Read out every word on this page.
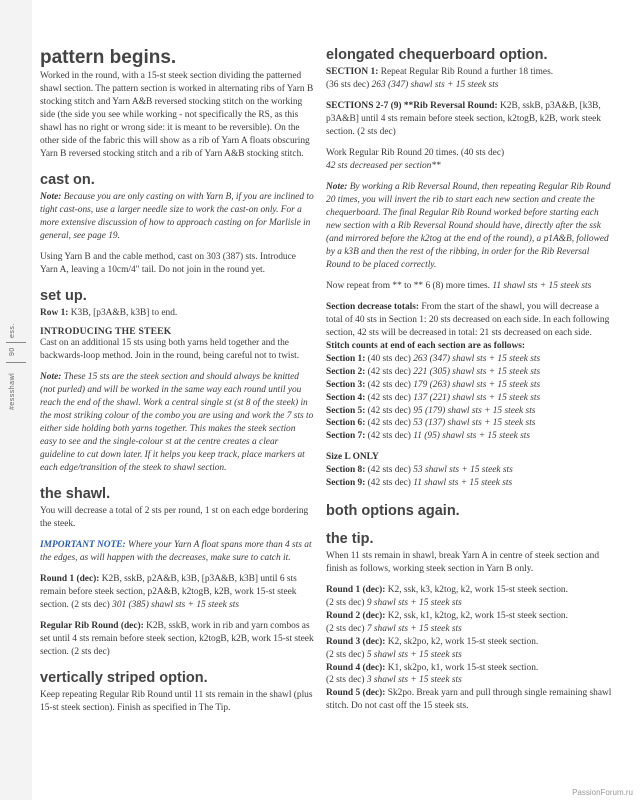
ess.
90
#essshawl
pattern begins.

Worked in the round, with a 15-st steek section dividing the patterned shawl section. The pattern section is worked in alternating ribs of Yarn B stocking stitch and Yarn A&B reversed stocking stitch on the working side (the side you see while working - not specifically the RS, as this shawl has no right or wrong side: it is meant to be reversible). On the other side of the fabric this will show as a rib of Yarn A floats obscuring Yarn B reversed stocking stitch and a rib of Yarn A&B stocking stitch.

cast on.

Note: Because you are only casting on with Yarn B, if you are inclined to tight cast-ons, use a larger needle size to work the cast-on only. For a more extensive discussion of how to approach casting on for Marlisle in general, see page 19.

Using Yarn B and the cable method, cast on 303 (387) sts. Introduce Yarn A, leaving a 10cm/4" tail. Do not join in the round yet.

set up.

Row 1: K3B, [p3A&B, k3B] to end.

INTRODUCING THE STEEK

Cast on an additional 15 sts using both yarns held together and the backwards-loop method. Join in the round, being careful not to twist.

Note: These 15 sts are the steek section and should always be knitted (not purled) and will be worked in the same way each round until you reach the end of the shawl. Work a central single st (st 8 of the steek) in the most striking colour of the combo you are using and work the 7 sts to either side holding both yarns together. This makes the steek section easy to see and the single-colour st at the centre creates a clear guideline to cut down later. If it helps you keep track, place markers at each edge/transition of the steek to shawl section.

the shawl.

You will decrease a total of 2 sts per round, 1 st on each edge bordering the steek.

IMPORTANT NOTE: Where your Yarn A float spans more than 4 sts at the edges, as will happen with the decreases, make sure to catch it.

Round 1 (dec): K2B, sskB, p2A&B, k3B, [p3A&B, k3B] until 6 sts remain before steek section, p2A&B, k2togB, k2B, work 15-st steek section. (2 sts dec) 301 (385) shawl sts + 15 steek sts

Regular Rib Round (dec): K2B, sskB, work in rib and yarn combos as set until 4 sts remain before steek section, k2togB, k2B, work 15-st steek section. (2 sts dec)

vertically striped option.

Keep repeating Regular Rib Round until 11 sts remain in the shawl (plus 15-st steek section). Finish as specified in The Tip.

elongated chequerboard option.

SECTION 1: Repeat Regular Rib Round a further 18 times.
(36 sts dec) 263 (347) shawl sts + 15 steek sts

SECTIONS 2-7 (9) **Rib Reversal Round: K2B, sskB, p3A&B, [k3B, p3A&B] until 4 sts remain before steek section, k2togB, k2B, work steek section. (2 sts dec)

Work Regular Rib Round 20 times. (40 sts dec)
42 sts decreased per section**

Note: By working a Rib Reversal Round, then repeating Regular Rib Round 20 times, you will invert the rib to start each new section and create the chequerboard. The final Regular Rib Round worked before starting each new section with a Rib Reversal Round should have, directly after the ssk (and mirrored before the k2tog at the end of the round), a p1A&B, followed by a k3B and then the rest of the ribbing, in order for the Rib Reversal Round to be placed correctly.

Now repeat from ** to ** 6 (8) more times. 11 shawl sts + 15 steek sts

Section decrease totals: From the start of the shawl, you will decrease a total of 40 sts in Section 1: 20 sts decreased on each side. In each following section, 42 sts will be decreased in total: 21 sts decreased on each side.

Stitch counts at end of each section are as follows:
Section 1: (40 sts dec) 263 (347) shawl sts + 15 steek sts
Section 2: (42 sts dec) 221 (305) shawl sts + 15 steek sts
Section 3: (42 sts dec) 179 (263) shawl sts + 15 steek sts
Section 4: (42 sts dec) 137 (221) shawl sts + 15 steek sts
Section 5: (42 sts dec) 95 (179) shawl sts + 15 steek sts
Section 6: (42 sts dec) 53 (137) shawl sts + 15 steek sts
Section 7: (42 sts dec) 11 (95) shawl sts + 15 steek sts
Size L ONLY
Section 8: (42 sts dec) 53 shawl sts + 15 steek sts
Section 9: (42 sts dec) 11 shawl sts + 15 steek sts
both options again.
the tip.

When 11 sts remain in shawl, break Yarn A in centre of steek section and finish as follows, working steek section in Yarn B only.

Round 1 (dec): K2, ssk, k3, k2tog, k2, work 15-st steek section.
(2 sts dec) 9 shawl sts + 15 steek sts
Round 2 (dec): K2, ssk, k1, k2tog, k2, work 15-st steek section.
(2 sts dec) 7 shawl sts + 15 steek sts
Round 3 (dec): K2, sk2po, k2, work 15-st steek section.
(2 sts dec) 5 shawl sts + 15 steek sts
Round 4 (dec): K1, sk2po, k1, work 15-st steek section.
(2 sts dec) 3 shawl sts + 15 steek sts

Round 5 (dec): Sk2po. Break yarn and pull through single remaining shawl stitch. Do not cast off the 15 steek sts.

PassionForum.ru
